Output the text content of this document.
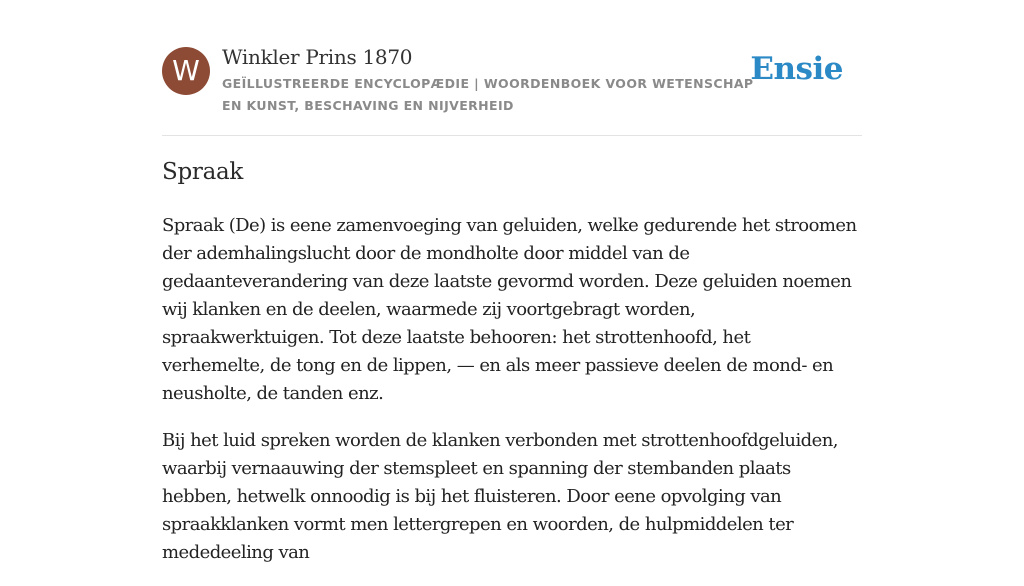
W	Winkler Prins 1870
GEÏLLUSTREERDE ENCYCLOPÆDIE | WOORDENBOEK VOOR WETENSCHAP EN KUNST, BESCHAVING EN NIJVERHEID
Ensie
Spraak

Spraak (De) is eene zamenvoeging van geluiden, welke gedurende het stroomen der ademhalingslucht door de mondholte door middel van de gedaanteverandering van deze laatste gevormd worden. Deze geluiden noemen wij klanken en de deelen, waarmede zij voortgebragt worden, spraakwerktuigen. Tot deze laatste behooren: het strottenhoofd, het verhemelte, de tong en de lippen, — en als meer passieve deelen de mond- en neusholte, de tanden enz.

Bij het luid spreken worden de klanken verbonden met strottenhoofdgeluiden, waarbij vernaauwing der stemspleet en spanning der stembanden plaats hebben, hetwelk onnoodig is bij het fluisteren. Door eene opvolging van spraakklanken vormt men lettergrepen en woorden, de hulpmiddelen ter mededeeling van
